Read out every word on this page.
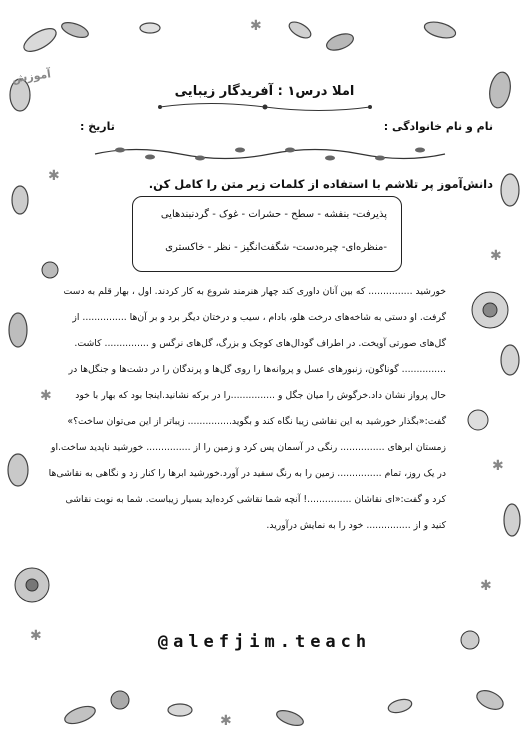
✱
✱
✱
✱
✱
✱
✱
✱
آموزش
املا درس۱ : آفریدگار زیبایی
نام و نام خانوادگی :
تاریخ :
دانش‌آموز پر تلاشم با استفاده از کلمات زیر متن را کامل کن.
پذیرفت- بنفشه - سطح - حشرات - غوک - گردنبندهایی
-منظره‌ای- چیره‌دست- شگفت‌انگیز - نظر - خاکستری

خورشید ............... که بین آنان داوری کند چهار هنرمند شروع به کار کردند. اول ، بهار قلم به دست

گرفت. او دستی به شاخه‌های درخت هلو، بادام ، سیب و درختان دیگر برد و بر آن‌ها ............... از

گل‌های صورتی آویخت. در اطراف گودال‌های کوچک و بزرگ، گل‌های نرگس و ............... کاشت.

............... گوناگون، زنبورهای عسل و پروانه‌ها را روی گل‌ها و پرندگان را در دشت‌ها و جنگل‌ها در

حال پرواز نشان داد.خرگوش را میان جگل و ...............را در برکه نشانید.اینجا بود که بهار با خود

گفت:«بگذار خورشید به این نقاشی زیبا نگاه کند و بگوید............... زیباتر از این می‌توان ساخت؟»

زمستان ابرهای ............... رنگی در آسمان پس کرد و زمین را از ............... خورشید ناپدید ساخت.او

در یک روز، تمام ............... زمین را به رنگ سفید در آورد.خورشید ابرها را کنار زد و نگاهی به نقاشی‌ها

کرد و گفت:«ای نقاشان ...............! آنچه شما نقاشی کرده‌اید بسیار زیباست. شما به نوبت نقاشی

کنید و از ............... خود را به نمایش درآورید.

@alefjim.teach
